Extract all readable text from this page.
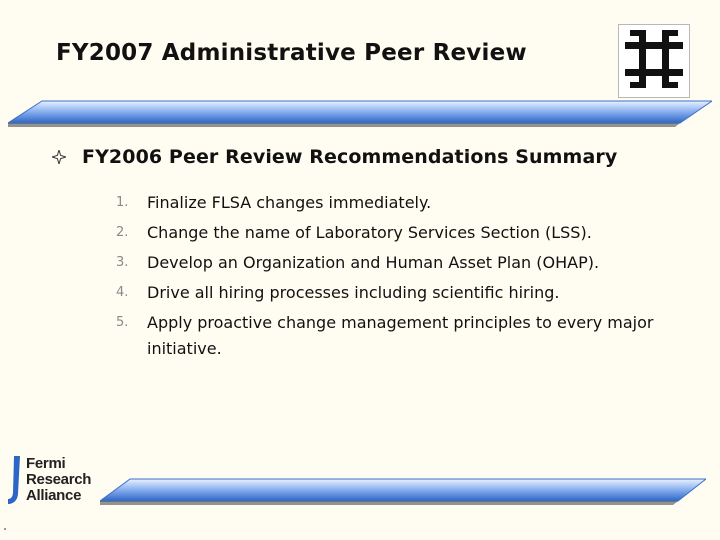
FY2007 Administrative Peer Review
FY2006 Peer Review Recommendations Summary
1.	Finalize FLSA changes immediately.
2.	Change the name of Laboratory Services Section (LSS).
3.	Develop an Organization and Human Asset Plan (OHAP).
4.	Drive all hiring processes including scientific hiring.
5.	Apply proactive change management principles to every major initiative.
Fermi
Research
Alliance
